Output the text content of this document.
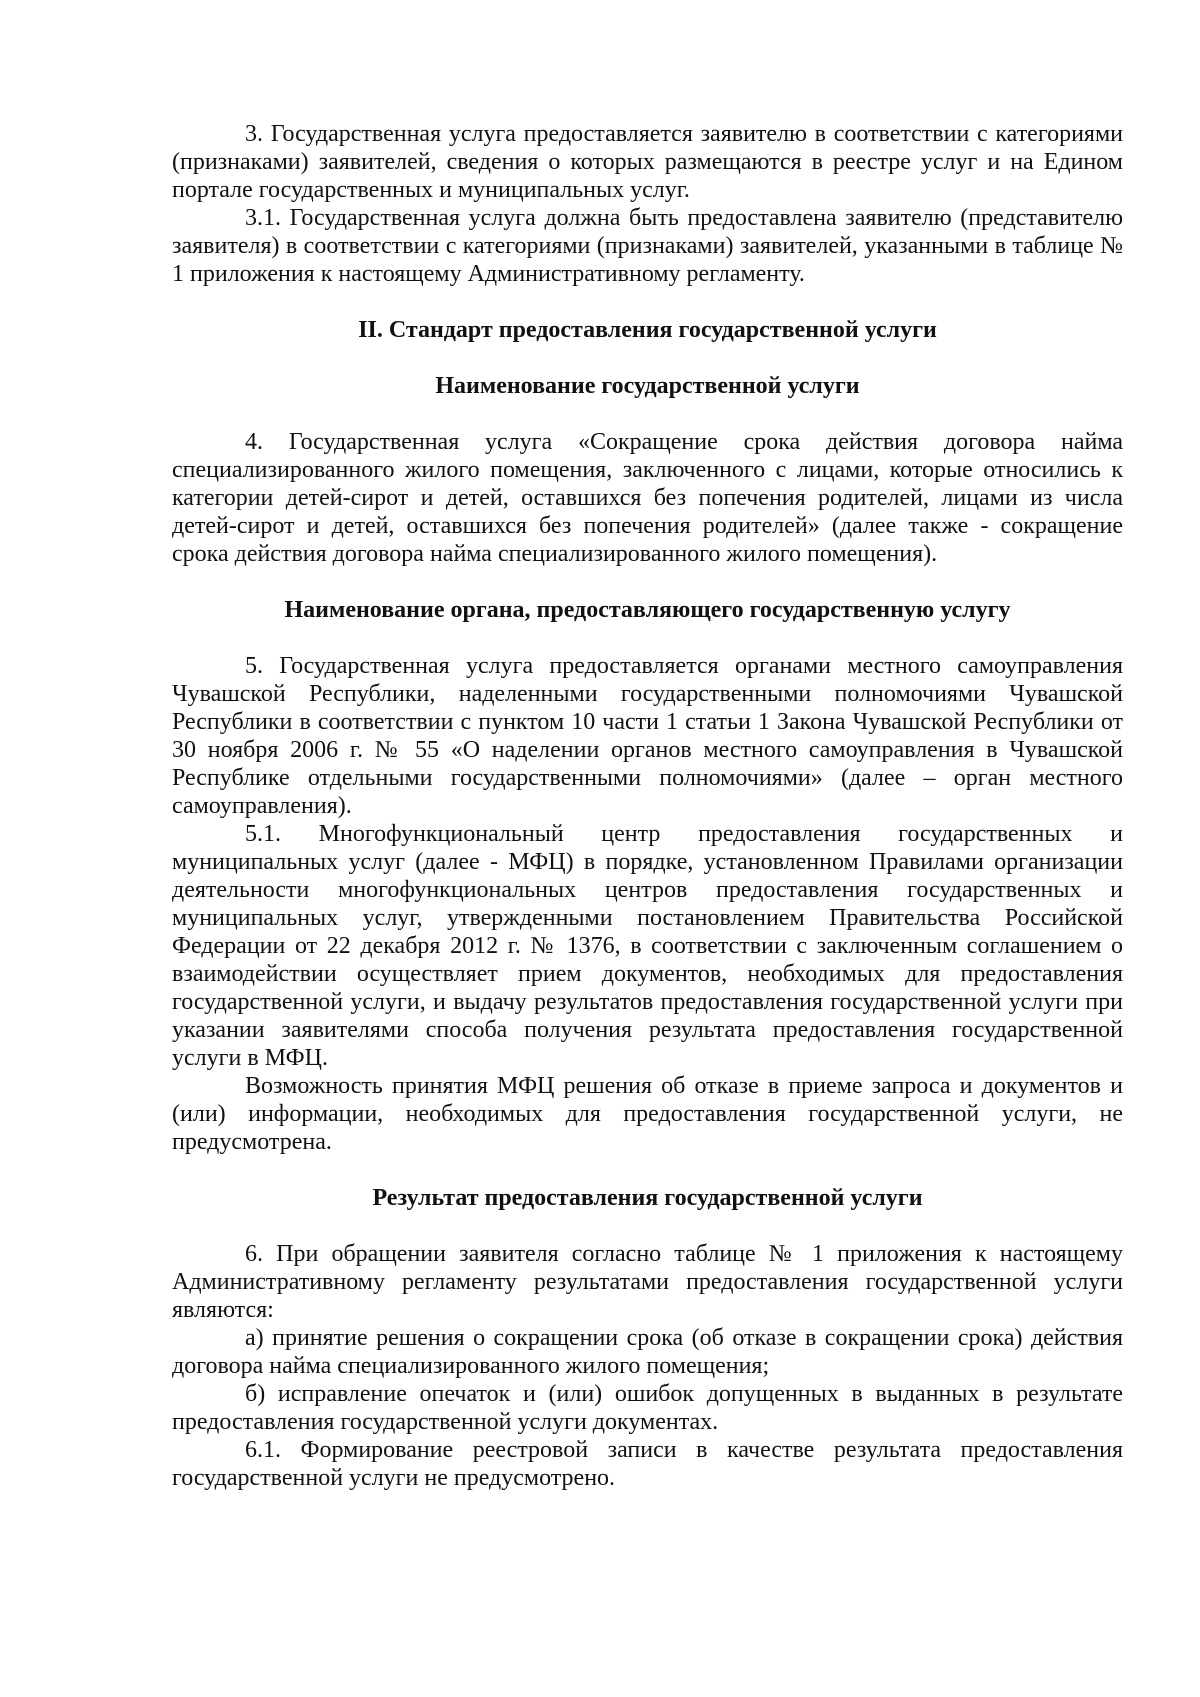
3. Государственная услуга предоставляется заявителю в соответствии с категориями (признаками) заявителей, сведения о которых размещаются в реестре услуг и на Едином портале государственных и муниципальных услуг.

3.1. Государственная услуга должна быть предоставлена заявителю (представителю заявителя) в соответствии с категориями (признаками) заявителей, указанными в таблице № 1 приложения к настоящему Административному регламенту.

II. Стандарт предоставления государственной услуги
Наименование государственной услуги

4. Государственная услуга «Сокращение срока действия договора найма специализированного жилого помещения, заключенного с лицами, которые относились к категории детей-сирот и детей, оставшихся без попечения родителей, лицами из числа детей-сирот и детей, оставшихся без попечения родителей» (далее также - сокращение срока действия договора найма специализированного жилого помещения).

Наименование органа, предоставляющего государственную услугу

5. Государственная услуга предоставляется органами местного самоуправления Чувашской Республики, наделенными государственными полномочиями Чувашской Республики в соответствии с пунктом 10 части 1 статьи 1 Закона Чувашской Республики от 30 ноября 2006 г. № 55 «О наделении органов местного самоуправления в Чувашской Республике отдельными государственными полномочиями» (далее – орган местного самоуправления).

5.1. Многофункциональный центр предоставления государственных и муниципальных услуг (далее - МФЦ) в порядке, установленном Правилами организации деятельности многофункциональных центров предоставления государственных и муниципальных услуг, утвержденными постановлением Правительства Российской Федерации от 22 декабря 2012 г. № 1376, в соответствии с заключенным соглашением о взаимодействии осуществляет прием документов, необходимых для предоставления государственной услуги, и выдачу результатов предоставления государственной услуги при указании заявителями способа получения результата предоставления государственной услуги в МФЦ.

Возможность принятия МФЦ решения об отказе в приеме запроса и документов и (или) информации, необходимых для предоставления государственной услуги, не предусмотрена.

Результат предоставления государственной услуги

6. При обращении заявителя согласно таблице № 1 приложения к настоящему Административному регламенту результатами предоставления государственной услуги являются:

а) принятие решения о сокращении срока (об отказе в сокращении срока) действия договора найма специализированного жилого помещения;

б) исправление опечаток и (или) ошибок допущенных в выданных в результате предоставления государственной услуги документах.

6.1. Формирование реестровой записи в качестве результата предоставления государственной услуги не предусмотрено.
